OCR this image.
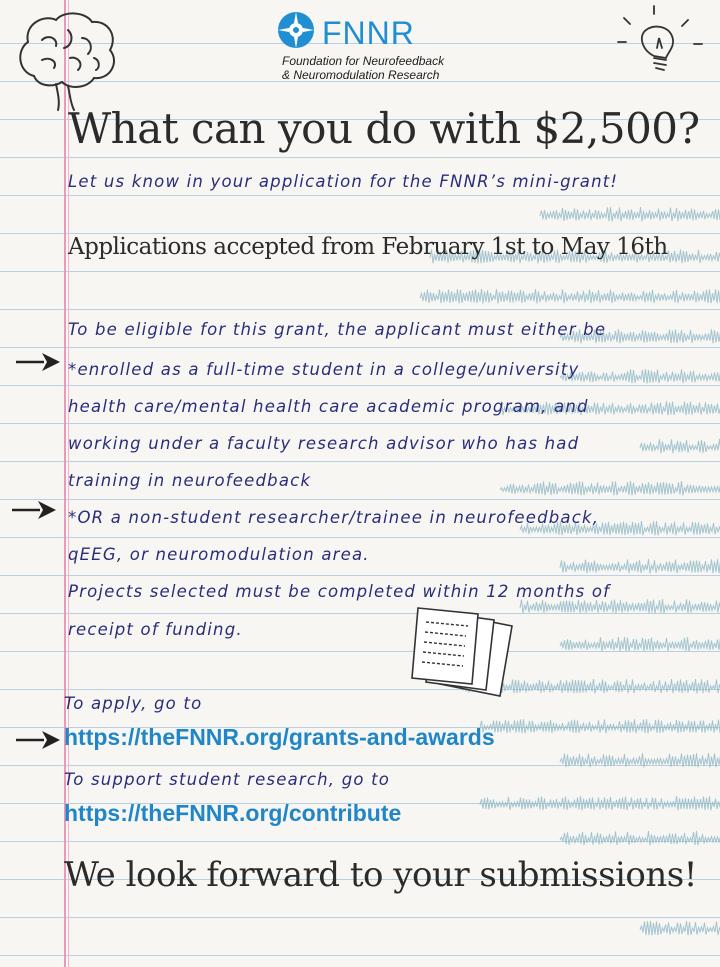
FNNR
Foundation for Neurofeedback
& Neuromodulation Research
What can you do with $2,500?
Let us know in your application for the FNNR’s mini-grant!
Applications accepted from February 1st to May 16th
To be eligible for this grant, the applicant must either be
*enrolled as a full-time student in a college/university
health care/mental health care academic program, and
working under a faculty research advisor who has had
training in neurofeedback
*OR a non-student researcher/trainee in neurofeedback,
qEEG, or neuromodulation area.
Projects selected must be completed within 12 months of
receipt of funding.
To apply, go to
https://theFNNR.org/grants-and-awards
To support student research, go to
https://theFNNR.org/contribute
We look forward to your submissions!
